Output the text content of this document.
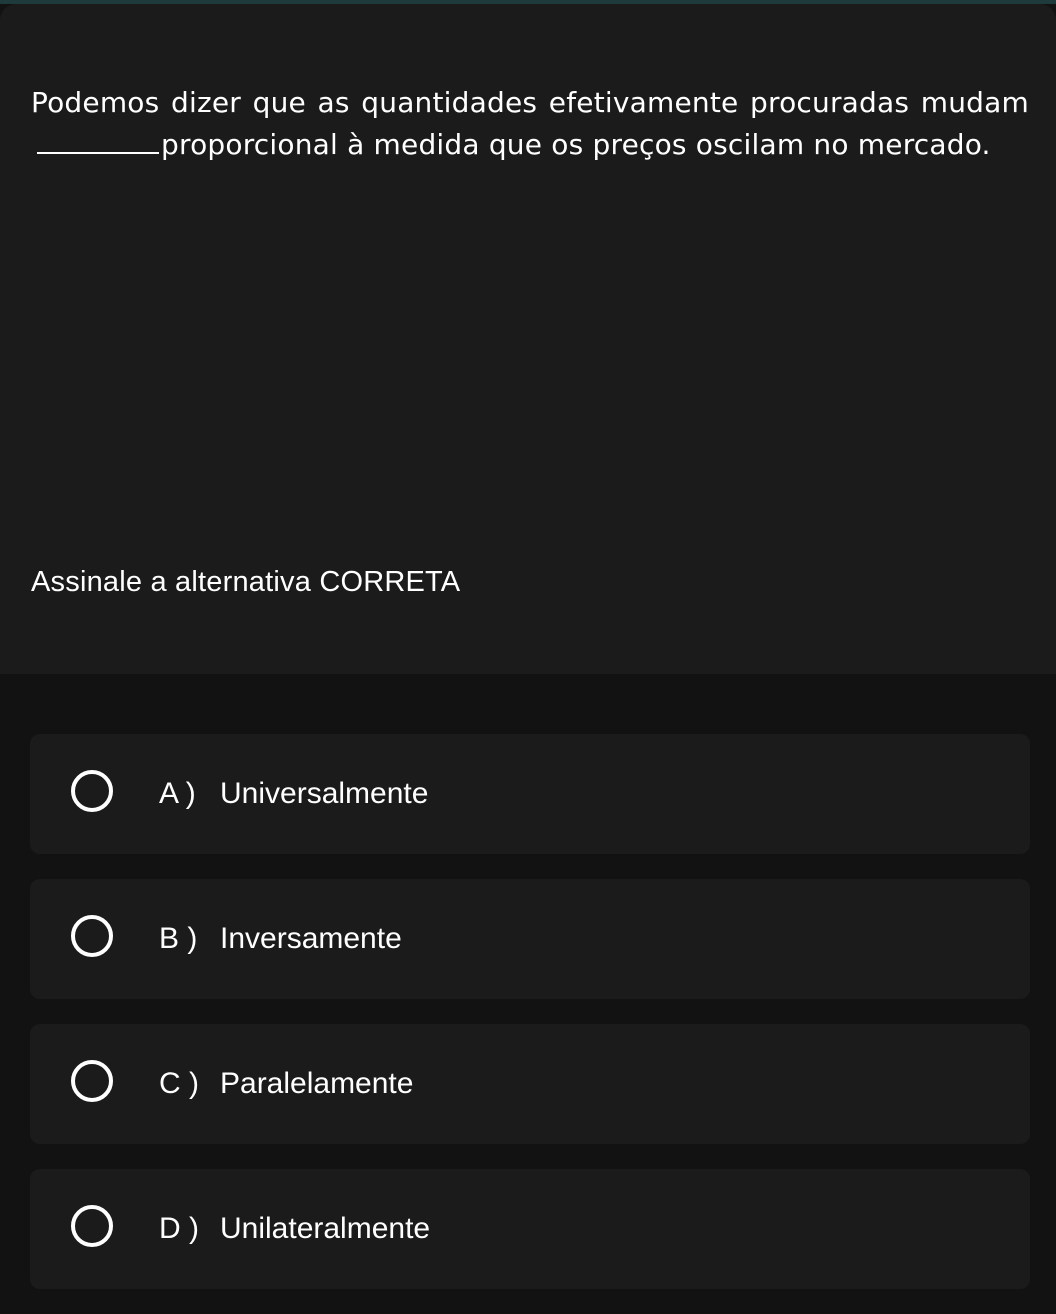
Podemos dizer que as quantidades efetivamente procuradas mudamproporcional à medida que os preços oscilam no mercado.

Assinale a alternativa CORRETA

A ) Universalmente
B ) Inversamente
C ) Paralelamente
D ) Unilateralmente
